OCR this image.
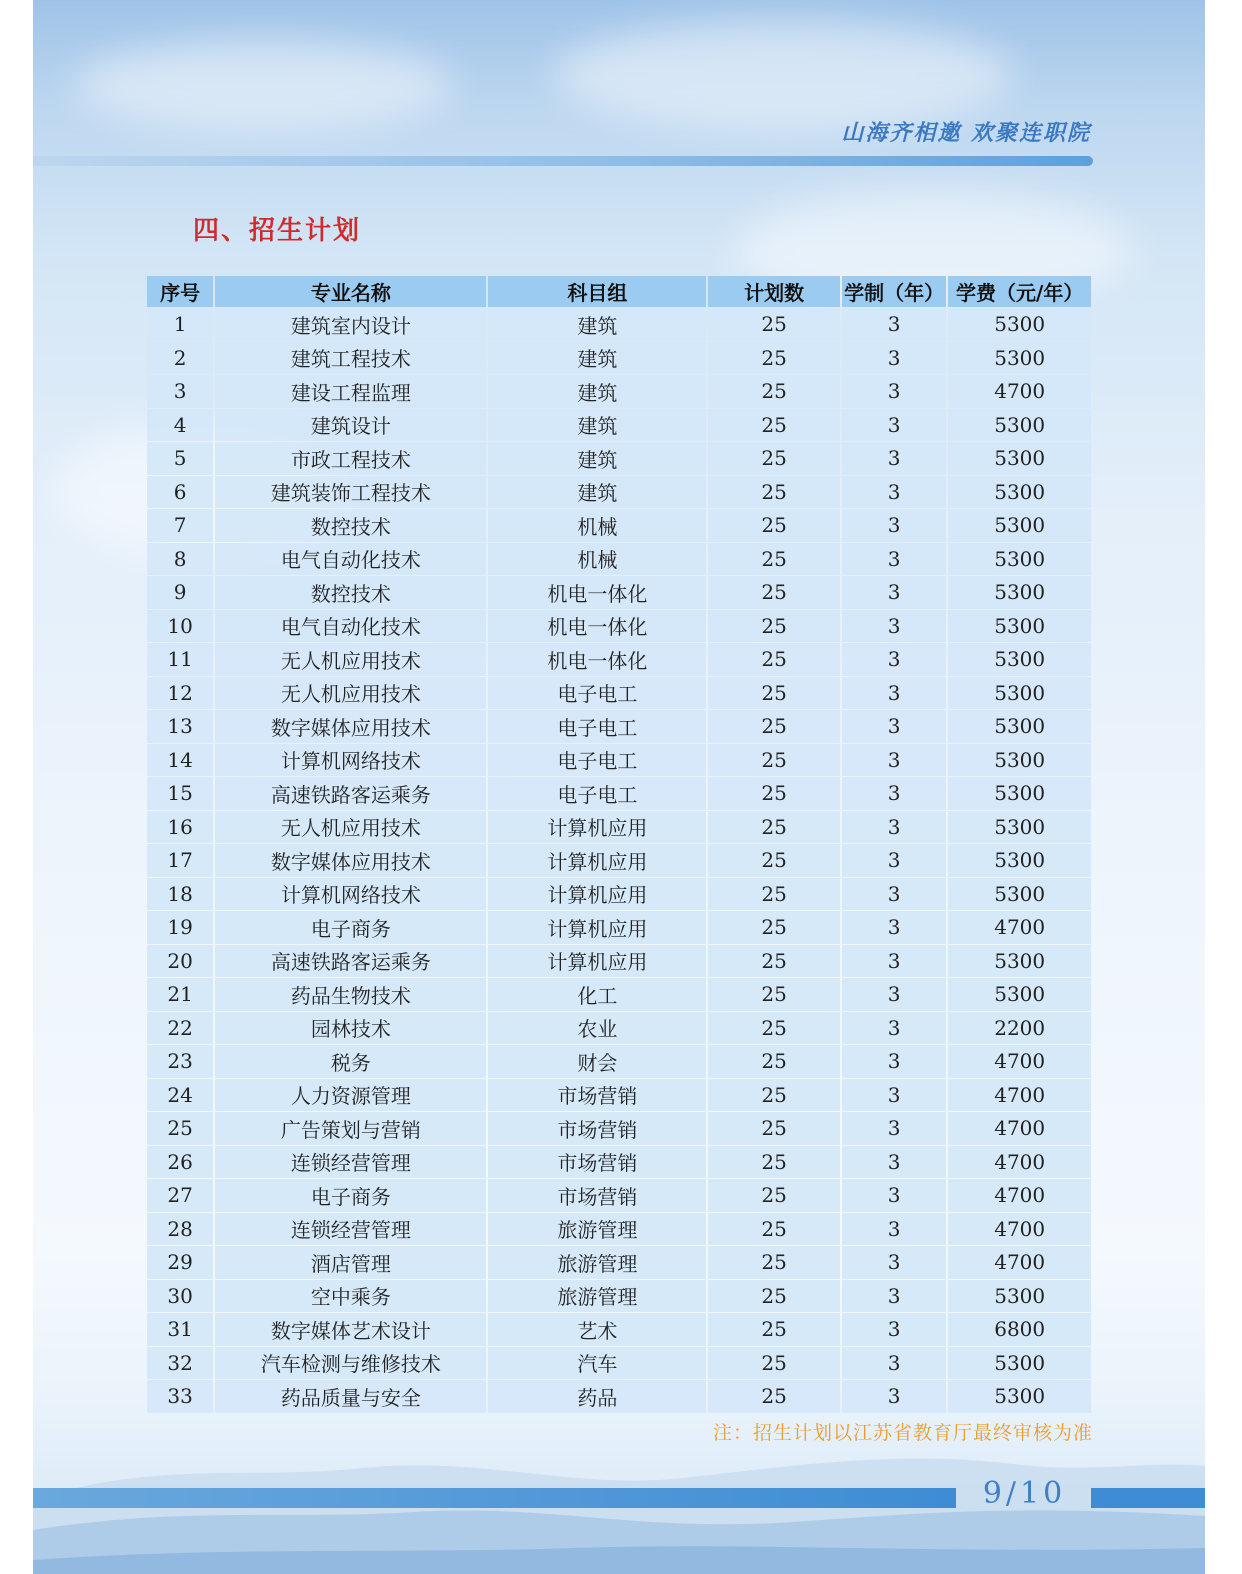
山海齐相邀 欢聚连职院
四、招生计划
序号	专业名称	科目组	计划数	学制（年）	学费（元/年）
1	建筑室内设计	建筑	25	3	5300
2	建筑工程技术	建筑	25	3	5300
3	建设工程监理	建筑	25	3	4700
4	建筑设计	建筑	25	3	5300
5	市政工程技术	建筑	25	3	5300
6	建筑装饰工程技术	建筑	25	3	5300
7	数控技术	机械	25	3	5300
8	电气自动化技术	机械	25	3	5300
9	数控技术	机电一体化	25	3	5300
10	电气自动化技术	机电一体化	25	3	5300
11	无人机应用技术	机电一体化	25	3	5300
12	无人机应用技术	电子电工	25	3	5300
13	数字媒体应用技术	电子电工	25	3	5300
14	计算机网络技术	电子电工	25	3	5300
15	高速铁路客运乘务	电子电工	25	3	5300
16	无人机应用技术	计算机应用	25	3	5300
17	数字媒体应用技术	计算机应用	25	3	5300
18	计算机网络技术	计算机应用	25	3	5300
19	电子商务	计算机应用	25	3	4700
20	高速铁路客运乘务	计算机应用	25	3	5300
21	药品生物技术	化工	25	3	5300
22	园林技术	农业	25	3	2200
23	税务	财会	25	3	4700
24	人力资源管理	市场营销	25	3	4700
25	广告策划与营销	市场营销	25	3	4700
26	连锁经营管理	市场营销	25	3	4700
27	电子商务	市场营销	25	3	4700
28	连锁经营管理	旅游管理	25	3	4700
29	酒店管理	旅游管理	25	3	4700
30	空中乘务	旅游管理	25	3	5300
31	数字媒体艺术设计	艺术	25	3	6800
32	汽车检测与维修技术	汽车	25	3	5300
33	药品质量与安全	药品	25	3	5300
注：招生计划以江苏省教育厅最终审核为准
9/10
